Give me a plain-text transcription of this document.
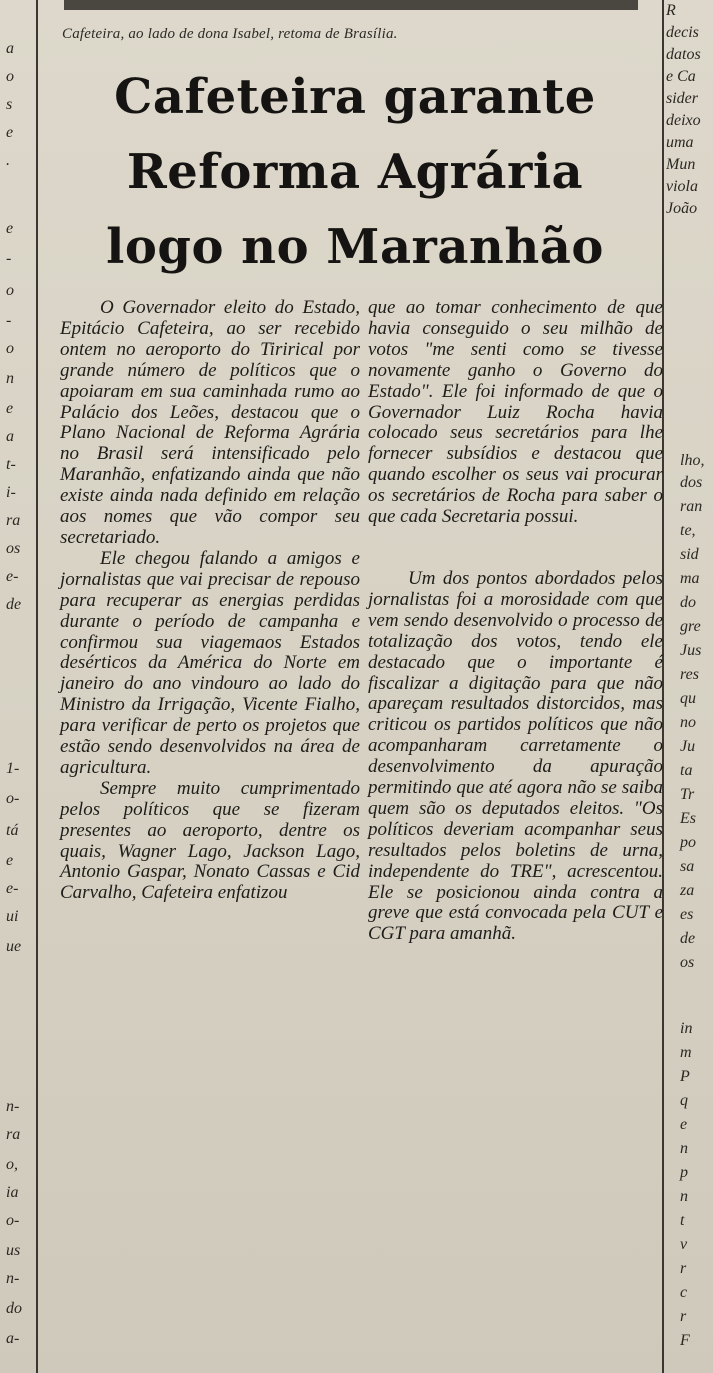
a
o
s
e
.
e
-
o
-
o
n
e
a
t-
i-
ra
os
e-
de
1-
o-
tá
e
e-
ui
ue
n-
ra
o,
ia
o-
us
n-
do
a-
R
decis
datos
e Ca
sider
deixo
uma
Mun
viola
João
lho,
dos
ran
te,
sid
ma
do
gre
Jus
res
qu
no
Ju
ta
Tr
Es
po
sa
za
es
de
os
in
m
P
q
e
n
p
n
t
v
r
c
r
F
Cafeteira, ao lado de dona Isabel, retoma de Brasília.
Cafeteira garante
Reforma Agrária
logo no Maranhão

O Governador eleito do Estado, Epitácio Cafeteira, ao ser recebido ontem no aeroporto do Tirirical por grande número de políticos que o apoiaram em sua caminhada rumo ao Palácio dos Leões, destacou que o Plano Nacional de Reforma Agrária no Brasil será intensificado pelo Maranhão, enfatizando ainda que não existe ainda nada definido em relação aos nomes que vão compor seu secretariado.

Ele chegou falando a amigos e jornalistas que vai precisar de repouso para recuperar as energias perdidas durante o período de campanha e confirmou sua viagemaos Estados desérticos da América do Norte em janeiro do ano vindouro ao lado do Ministro da Irrigação, Vicente Fialho, para verificar de perto os projetos que estão sendo desenvolvidos na área de agricultura.

Sempre muito cumprimentado pelos políticos que se fizeram presentes ao aeroporto, dentre os quais, Wagner Lago, Jackson Lago, Antonio Gaspar, Nonato Cassas e Cid Carvalho, Cafeteira enfatizou

que ao tomar conhecimento de que havia conseguido o seu milhão de votos "me senti como se tivesse novamente ganho o Governo do Estado". Ele foi informado de que o Governador Luiz Rocha havia colocado seus secretários para lhe fornecer subsídios e destacou que quando escolher os seus vai procurar os secretários de Rocha para saber o que cada Secretaria possui.

Um dos pontos abordados pelos jornalistas foi a morosidade com que vem sendo desenvolvido o processo de totalização dos votos, tendo ele destacado que o importante é fiscalizar a digitação para que não apareçam resultados distorcidos, mas criticou os partidos políticos que não acompanharam carretamente o desenvolvimento da apuração permitindo que até agora não se saiba quem são os deputados eleitos. "Os políticos deveriam acompanhar seus resultados pelos boletins de urna, independente do TRE", acrescentou. Ele se posicionou ainda contra a greve que está convocada pela CUT e CGT para amanhã.
